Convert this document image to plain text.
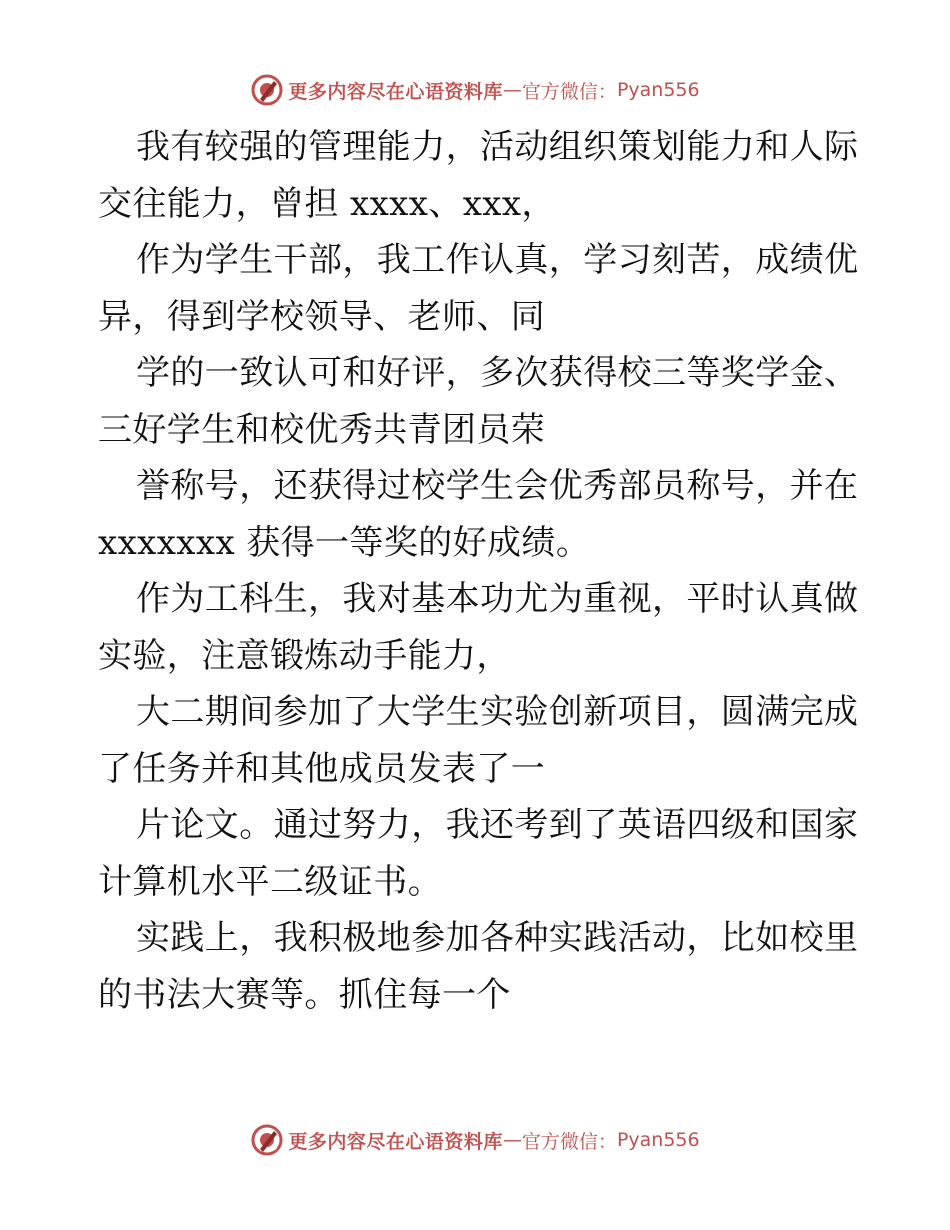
更多内容尽在心语资料库 — 官方微信： Pyan556

我有较强的管理能力，活动组织策划能力和人际

交往能力，曾担 xxxx、xxx，

作为学生干部，我工作认真，学习刻苦，成绩优

异，得到学校领导、老师、同

学的一致认可和好评，多次获得校三等奖学金、

三好学生和校优秀共青团员荣

誉称号，还获得过校学生会优秀部员称号，并在

xxxxxxx 获得一等奖的好成绩。

作为工科生，我对基本功尤为重视，平时认真做

实验，注意锻炼动手能力，

大二期间参加了大学生实验创新项目，圆满完成

了任务并和其他成员发表了一

片论文。通过努力，我还考到了英语四级和国家

计算机水平二级证书。

实践上，我积极地参加各种实践活动，比如校里

的书法大赛等。抓住每一个

更多内容尽在心语资料库 — 官方微信： Pyan556
